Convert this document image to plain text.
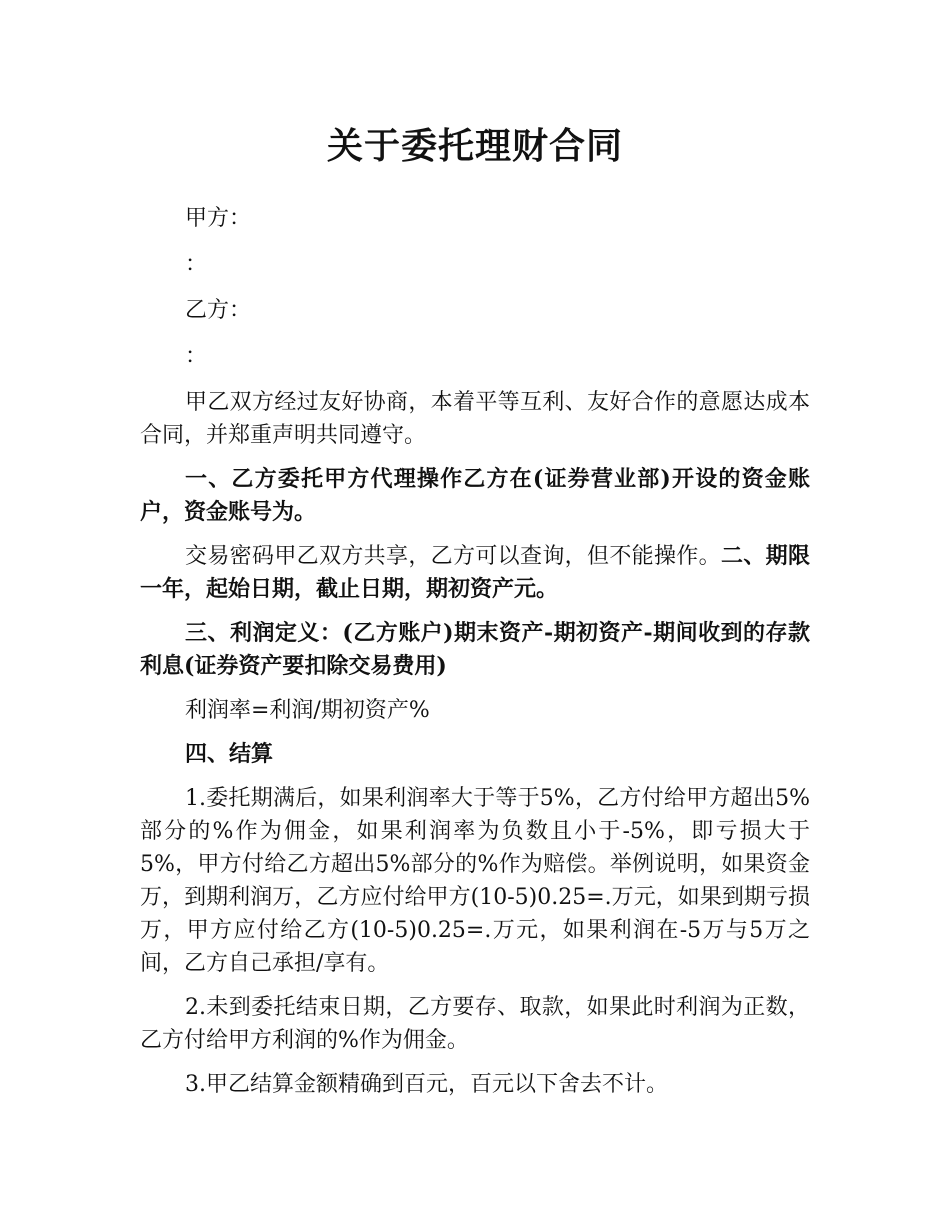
关于委托理财合同

甲方：

：

乙方：

：

甲乙双方经过友好协商，本着平等互利、友好合作的意愿达成本合同，并郑重声明共同遵守。

一、乙方委托甲方代理操作乙方在(证券营业部)开设的资金账户，资金账号为。

交易密码甲乙双方共享，乙方可以查询，但不能操作。二、期限一年，起始日期，截止日期，期初资产元。

三、利润定义：(乙方账户)期末资产-期初资产-期间收到的存款利息(证券资产要扣除交易费用)

利润率=利润/期初资产%

四、结算

1.委托期满后，如果利润率大于等于5%，乙方付给甲方超出5%部分的%作为佣金，如果利润率为负数且小于-5%，即亏损大于5%，甲方付给乙方超出5%部分的%作为赔偿。举例说明，如果资金万，到期利润万，乙方应付给甲方(10-5)0.25=.万元，如果到期亏损万，甲方应付给乙方(10-5)0.25=.万元，如果利润在-5万与5万之间，乙方自己承担/享有。

2.未到委托结束日期，乙方要存、取款，如果此时利润为正数，乙方付给甲方利润的%作为佣金。

3.甲乙结算金额精确到百元，百元以下舍去不计。
